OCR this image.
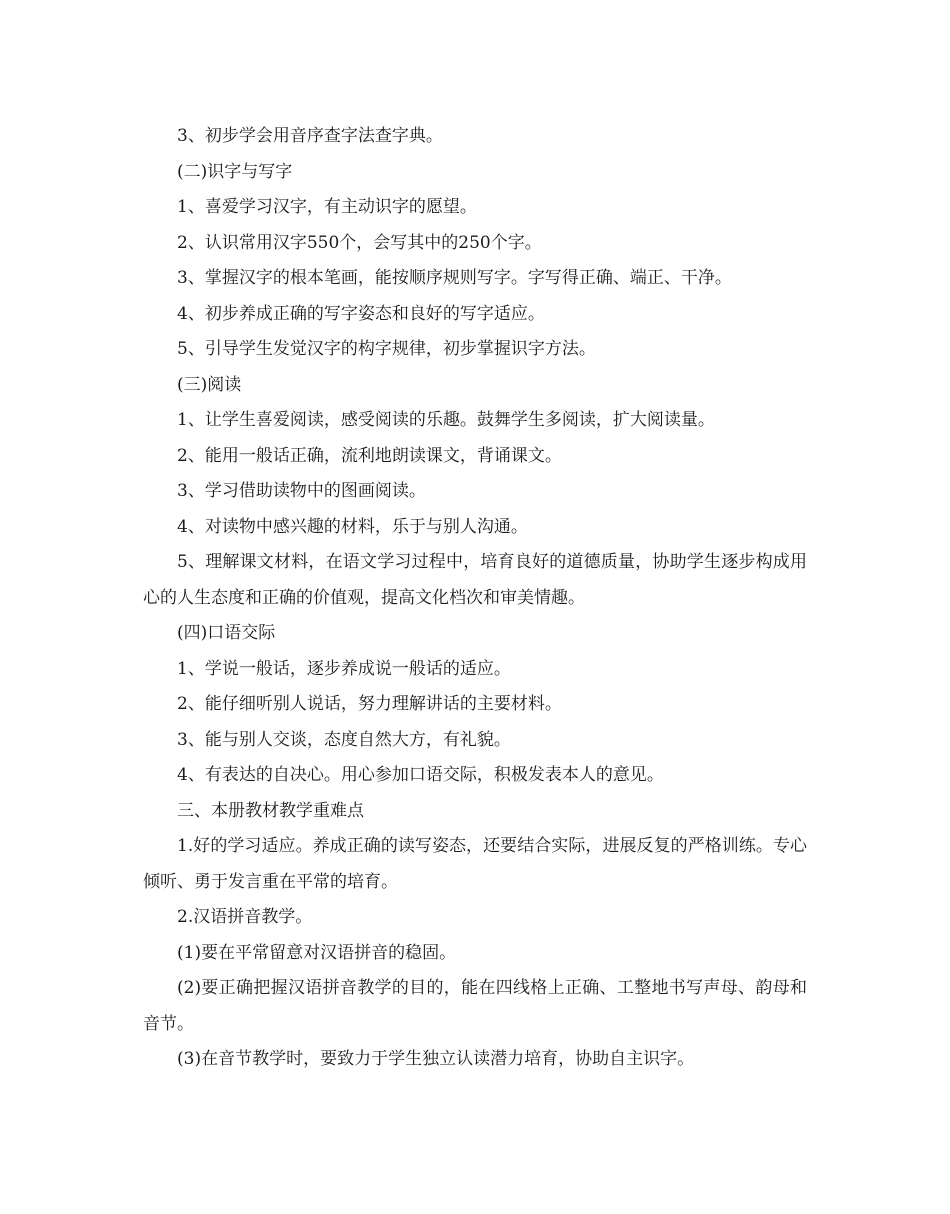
3、初步学会用音序查字法查字典。

(二)识字与写字

1、喜爱学习汉字，有主动识字的愿望。

2、认识常用汉字550个，会写其中的250个字。

3、掌握汉字的根本笔画，能按顺序规则写字。字写得正确、端正、干净。

4、初步养成正确的写字姿态和良好的写字适应。

5、引导学生发觉汉字的构字规律，初步掌握识字方法。

(三)阅读

1、让学生喜爱阅读，感受阅读的乐趣。鼓舞学生多阅读，扩大阅读量。

2、能用一般话正确，流利地朗读课文，背诵课文。

3、学习借助读物中的图画阅读。

4、对读物中感兴趣的材料，乐于与别人沟通。

5、理解课文材料，在语文学习过程中，培育良好的道德质量，协助学生逐步构成用心的人生态度和正确的价值观，提高文化档次和审美情趣。

(四)口语交际

1、学说一般话，逐步养成说一般话的适应。

2、能仔细听别人说话，努力理解讲话的主要材料。

3、能与别人交谈，态度自然大方，有礼貌。

4、有表达的自决心。用心参加口语交际，积极发表本人的意见。

三、本册教材教学重难点

1.好的学习适应。养成正确的读写姿态，还要结合实际，进展反复的严格训练。专心倾听、勇于发言重在平常的培育。

2.汉语拼音教学。

(1)要在平常留意对汉语拼音的稳固。

(2)要正确把握汉语拼音教学的目的，能在四线格上正确、工整地书写声母、韵母和音节。

(3)在音节教学时，要致力于学生独立认读潜力培育，协助自主识字。
